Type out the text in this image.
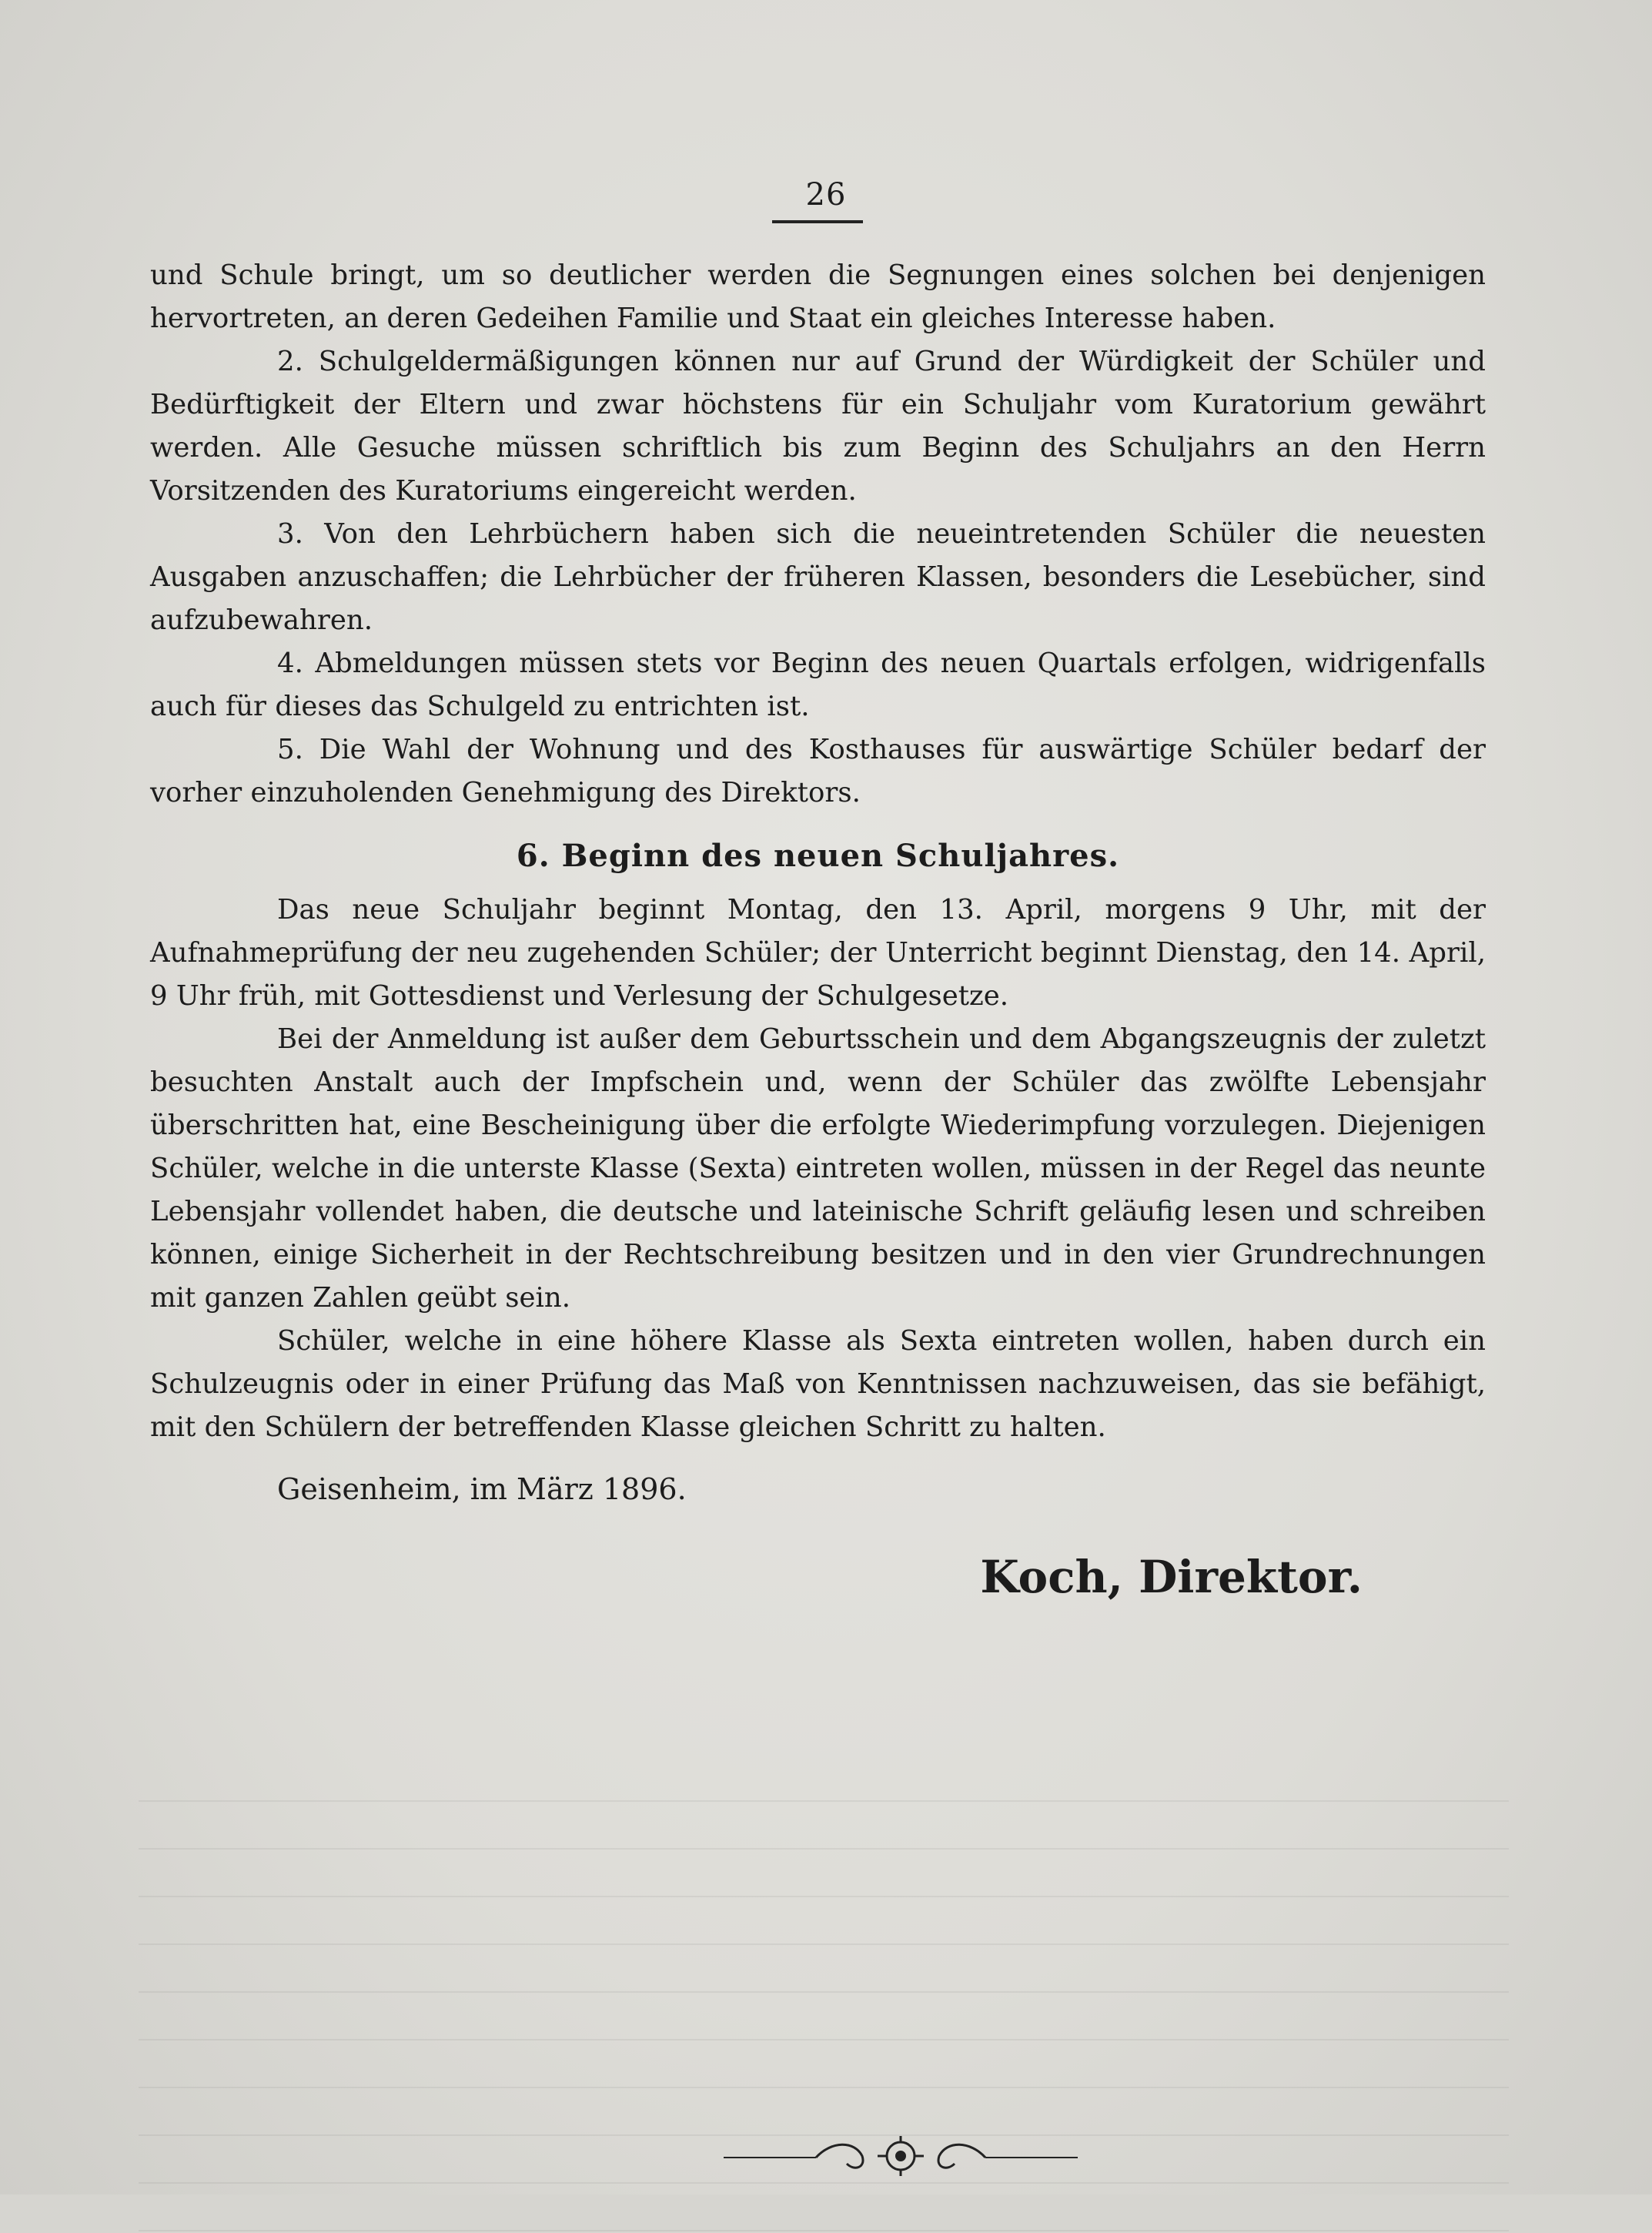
26

und Schule bringt, um so deutlicher werden die Segnungen eines solchen bei denjenigen hervortreten, an deren Gedeihen Familie und Staat ein gleiches Interesse haben.

2. Schulgeldermäßigungen können nur auf Grund der Würdigkeit der Schüler und Bedürftigkeit der Eltern und zwar höchstens für ein Schuljahr vom Kuratorium gewährt werden. Alle Gesuche müssen schriftlich bis zum Beginn des Schuljahrs an den Herrn Vorsitzenden des Kuratoriums eingereicht werden.

3. Von den Lehrbüchern haben sich die neueintretenden Schüler die neuesten Ausgaben anzuschaffen; die Lehrbücher der früheren Klassen, besonders die Lesebücher, sind aufzubewahren.

4. Abmeldungen müssen stets vor Beginn des neuen Quartals erfolgen, widrigenfalls auch für dieses das Schulgeld zu entrichten ist.

5. Die Wahl der Wohnung und des Kosthauses für auswärtige Schüler bedarf der vorher einzuholenden Genehmigung des Direktors.

6. Beginn des neuen Schuljahres.

Das neue Schuljahr beginnt Montag, den 13. April, morgens 9 Uhr, mit der Aufnahmeprüfung der neu zugehenden Schüler; der Unterricht beginnt Dienstag, den 14. April, 9 Uhr früh, mit Gottesdienst und Verlesung der Schulgesetze.

Bei der Anmeldung ist außer dem Geburtsschein und dem Abgangszeugnis der zuletzt besuchten Anstalt auch der Impfschein und, wenn der Schüler das zwölfte Lebensjahr überschritten hat, eine Bescheinigung über die erfolgte Wiederimpfung vorzulegen. Diejenigen Schüler, welche in die unterste Klasse (Sexta) eintreten wollen, müssen in der Regel das neunte Lebensjahr vollendet haben, die deutsche und lateinische Schrift geläufig lesen und schreiben können, einige Sicherheit in der Rechtschreibung besitzen und in den vier Grundrechnungen mit ganzen Zahlen geübt sein.

Schüler, welche in eine höhere Klasse als Sexta eintreten wollen, haben durch ein Schulzeugnis oder in einer Prüfung das Maß von Kenntnissen nachzuweisen, das sie befähigt, mit den Schülern der betreffenden Klasse gleichen Schritt zu halten.

Geisenheim, im März 1896.

Koch, Direktor.
